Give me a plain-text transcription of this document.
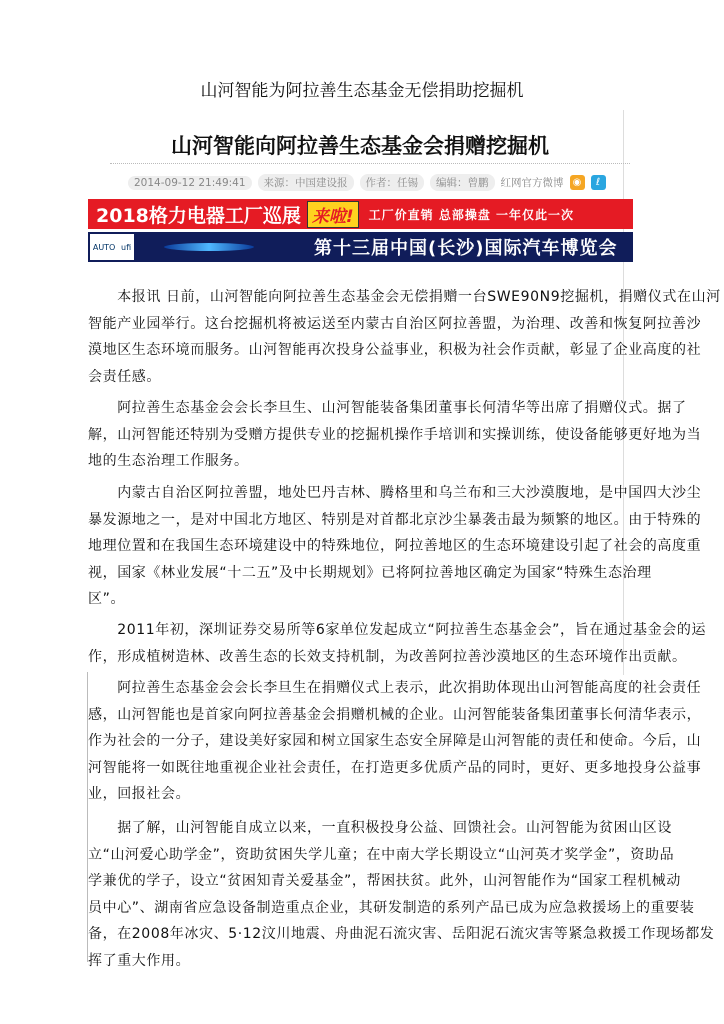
山河智能为阿拉善生态基金无偿捐助挖掘机
山河智能向阿拉善生态基金会捐赠挖掘机
2014-09-12 21:49:41	来源：中国建设报	作者：任锡	编辑：曾鹏	红网官方微博 ◉	ℓ
2018格力电器工厂巡展 来啦!	工厂价直销 总部操盘 一年仅此一次
AUTO ufi	第十三届中国(长沙)国际汽车博览会
　　本报讯 日前，山河智能向阿拉善生态基金会无偿捐赠一台SWE90N9挖掘机，捐赠仪式在山河
智能产业园举行。这台挖掘机将被运送至内蒙古自治区阿拉善盟，为治理、改善和恢复阿拉善沙
漠地区生态环境而服务。山河智能再次投身公益事业，积极为社会作贡献，彰显了企业高度的社
会责任感。
　　阿拉善生态基金会会长李旦生、山河智能装备集团董事长何清华等出席了捐赠仪式。据了
解，山河智能还特别为受赠方提供专业的挖掘机操作手培训和实操训练，使设备能够更好地为当
地的生态治理工作服务。
　　内蒙古自治区阿拉善盟，地处巴丹吉林、腾格里和乌兰布和三大沙漠腹地，是中国四大沙尘
暴发源地之一，是对中国北方地区、特别是对首都北京沙尘暴袭击最为频繁的地区。由于特殊的
地理位置和在我国生态环境建设中的特殊地位，阿拉善地区的生态环境建设引起了社会的高度重
视，国家《林业发展“十二五”及中长期规划》已将阿拉善地区确定为国家“特殊生态治理
区”。
　　2011年初，深圳证券交易所等6家单位发起成立“阿拉善生态基金会”，旨在通过基金会的运
作，形成植树造林、改善生态的长效支持机制，为改善阿拉善沙漠地区的生态环境作出贡献。
　　阿拉善生态基金会会长李旦生在捐赠仪式上表示，此次捐助体现出山河智能高度的社会责任
感，山河智能也是首家向阿拉善基金会捐赠机械的企业。山河智能装备集团董事长何清华表示，
作为社会的一分子，建设美好家园和树立国家生态安全屏障是山河智能的责任和使命。今后，山
河智能将一如既往地重视企业社会责任，在打造更多优质产品的同时，更好、更多地投身公益事
业，回报社会。
　　据了解，山河智能自成立以来，一直积极投身公益、回馈社会。山河智能为贫困山区设
立“山河爱心助学金”，资助贫困失学儿童；在中南大学长期设立“山河英才奖学金”，资助品
学兼优的学子，设立“贫困知青关爱基金”，帮困扶贫。此外，山河智能作为“国家工程机械动
员中心”、湖南省应急设备制造重点企业，其研发制造的系列产品已成为应急救援场上的重要装
备，在2008年冰灾、5·12汶川地震、舟曲泥石流灾害、岳阳泥石流灾害等紧急救援工作现场都发
挥了重大作用。
